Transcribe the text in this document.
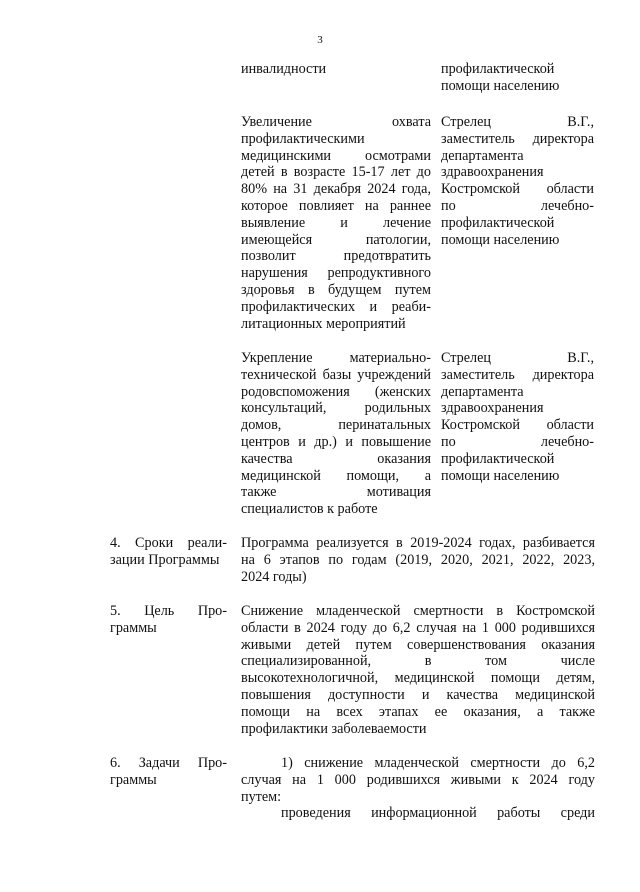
3
инвалидности	профилактической
помощи населению
Увеличение охвата
профилактическими
медицинскими осмотрами
детей в возрасте 15-17 лет до
80% на 31 декабря 2024 года,
которое повлияет на раннее
выявление и лечение
имеющейся патологии,
позволит предотвратить
нарушения репродуктивного
здоровья в будущем путем
профилактических и реаби-
литационных мероприятий
Стрелец В.Г.,
заместитель директора
департамента
здравоохранения
Костромской области
по лечебно-
профилактической
помощи населению
Укрепление материально-
технической базы учреждений
родовспоможения (женских
консультаций, родильных
домов, перинатальных
центров и др.) и повышение
качества оказания
медицинской помощи, а
также мотивация
специалистов к работе
Стрелец В.Г.,
заместитель директора
департамента
здравоохранения
Костромской области
по лечебно-
профилактической
помощи населению
4. Сроки реали-
зации Программы
Программа реализуется в 2019-2024 годах, разбивается
на 6 этапов по годам (2019, 2020, 2021, 2022, 2023,
2024 годы)
5. Цель Про-
граммы
Снижение младенческой смертности в Костромской
области в 2024 году до 6,2 случая на 1 000 родившихся
живыми детей путем совершенствования оказания
специализированной, в том числе
высокотехнологичной, медицинской помощи детям,
повышения доступности и качества медицинской
помощи на всех этапах ее оказания, а также
профилактики заболеваемости
6. Задачи Про-
граммы
1) снижение младенческой смертности до 6,2
случая на 1 000 родившихся живыми к 2024 году
путем:
проведения информационной работы среди
